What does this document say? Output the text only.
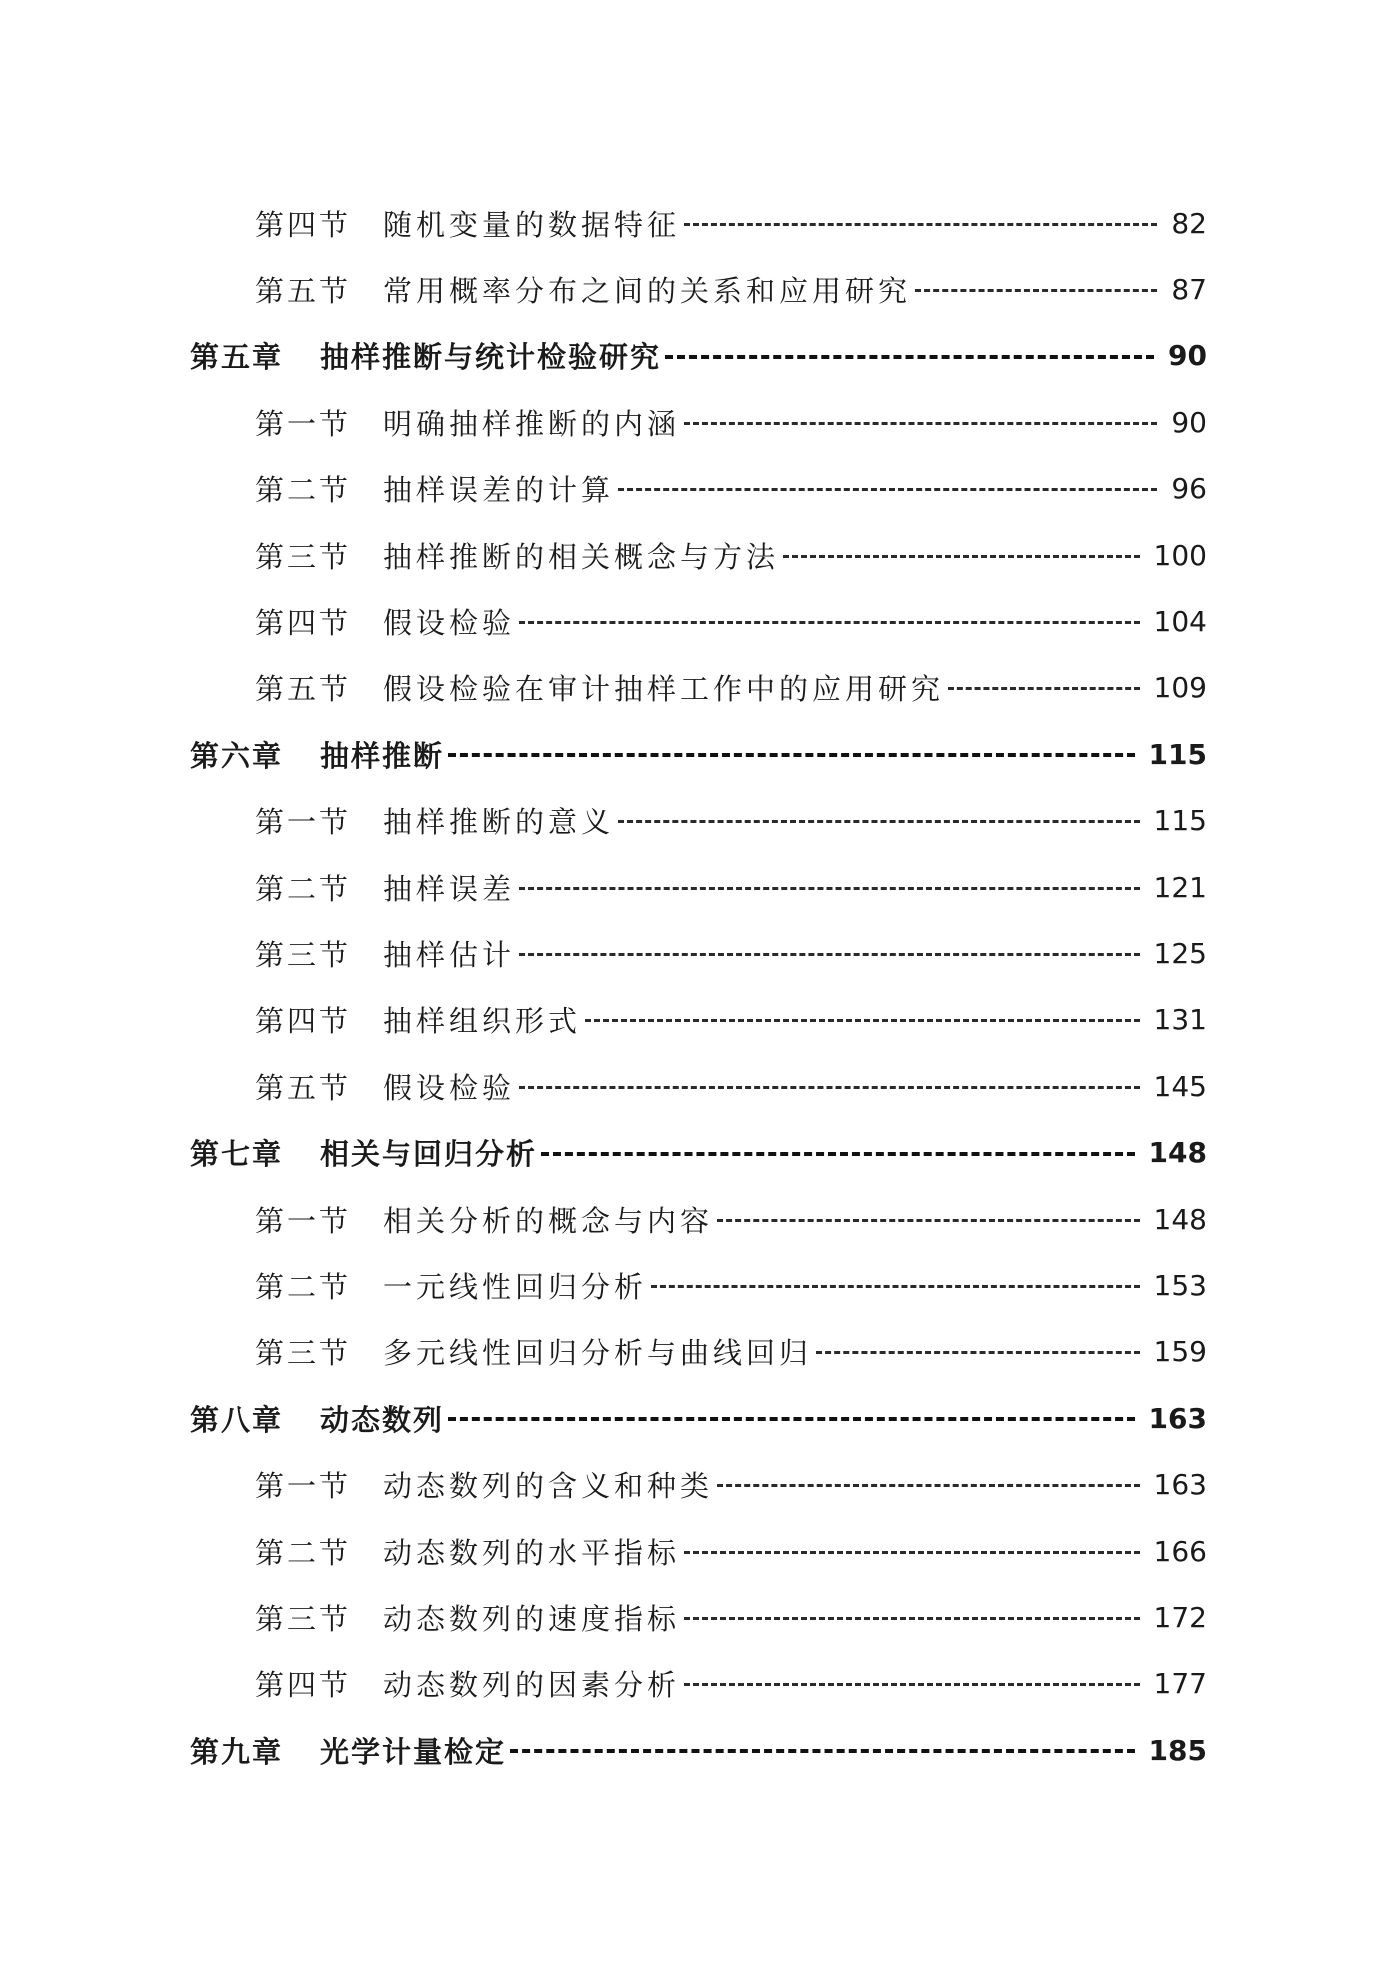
第四节	随机变量的数据特征	82
第五节	常用概率分布之间的关系和应用研究	87
第五章	抽样推断与统计检验研究	90
第一节	明确抽样推断的内涵	90
第二节	抽样误差的计算	96
第三节	抽样推断的相关概念与方法	100
第四节	假设检验	104
第五节	假设检验在审计抽样工作中的应用研究	109
第六章	抽样推断	115
第一节	抽样推断的意义	115
第二节	抽样误差	121
第三节	抽样估计	125
第四节	抽样组织形式	131
第五节	假设检验	145
第七章	相关与回归分析	148
第一节	相关分析的概念与内容	148
第二节	一元线性回归分析	153
第三节	多元线性回归分析与曲线回归	159
第八章	动态数列	163
第一节	动态数列的含义和种类	163
第二节	动态数列的水平指标	166
第三节	动态数列的速度指标	172
第四节	动态数列的因素分析	177
第九章	光学计量检定	185
